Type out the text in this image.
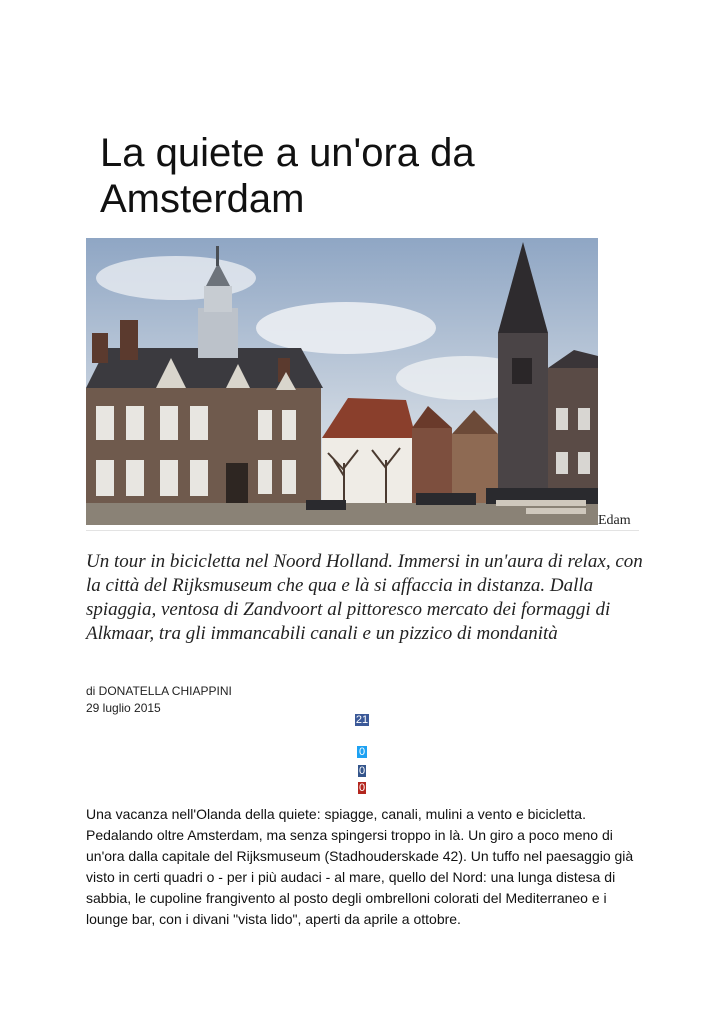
La quiete a un'ora da Amsterdam
Edam

Un tour in bicicletta nel Noord Holland. Immersi in un'aura di relax, con la città del Rijksmuseum che qua e là si affaccia in distanza. Dalla spiaggia, ventosa di Zandvoort al pittoresco mercato dei formaggi di Alkmaar, tra gli immancabili canali e un pizzico di mondanità

di DONATELLA CHIAPPINI
29 luglio 2015
21
0
0
0

Una vacanza nell'Olanda della quiete: spiagge, canali, mulini a vento e bicicletta. Pedalando oltre Amsterdam, ma senza spingersi troppo in là. Un giro a poco meno di un'ora dalla capitale del Rijksmuseum (Stadhouderskade 42). Un tuffo nel paesaggio già visto in certi quadri o - per i più audaci - al mare, quello del Nord: una lunga distesa di sabbia, le cupoline frangivento al posto degli ombrelloni colorati del Mediterraneo e i lounge bar, con i divani "vista lido", aperti da aprile a ottobre.
